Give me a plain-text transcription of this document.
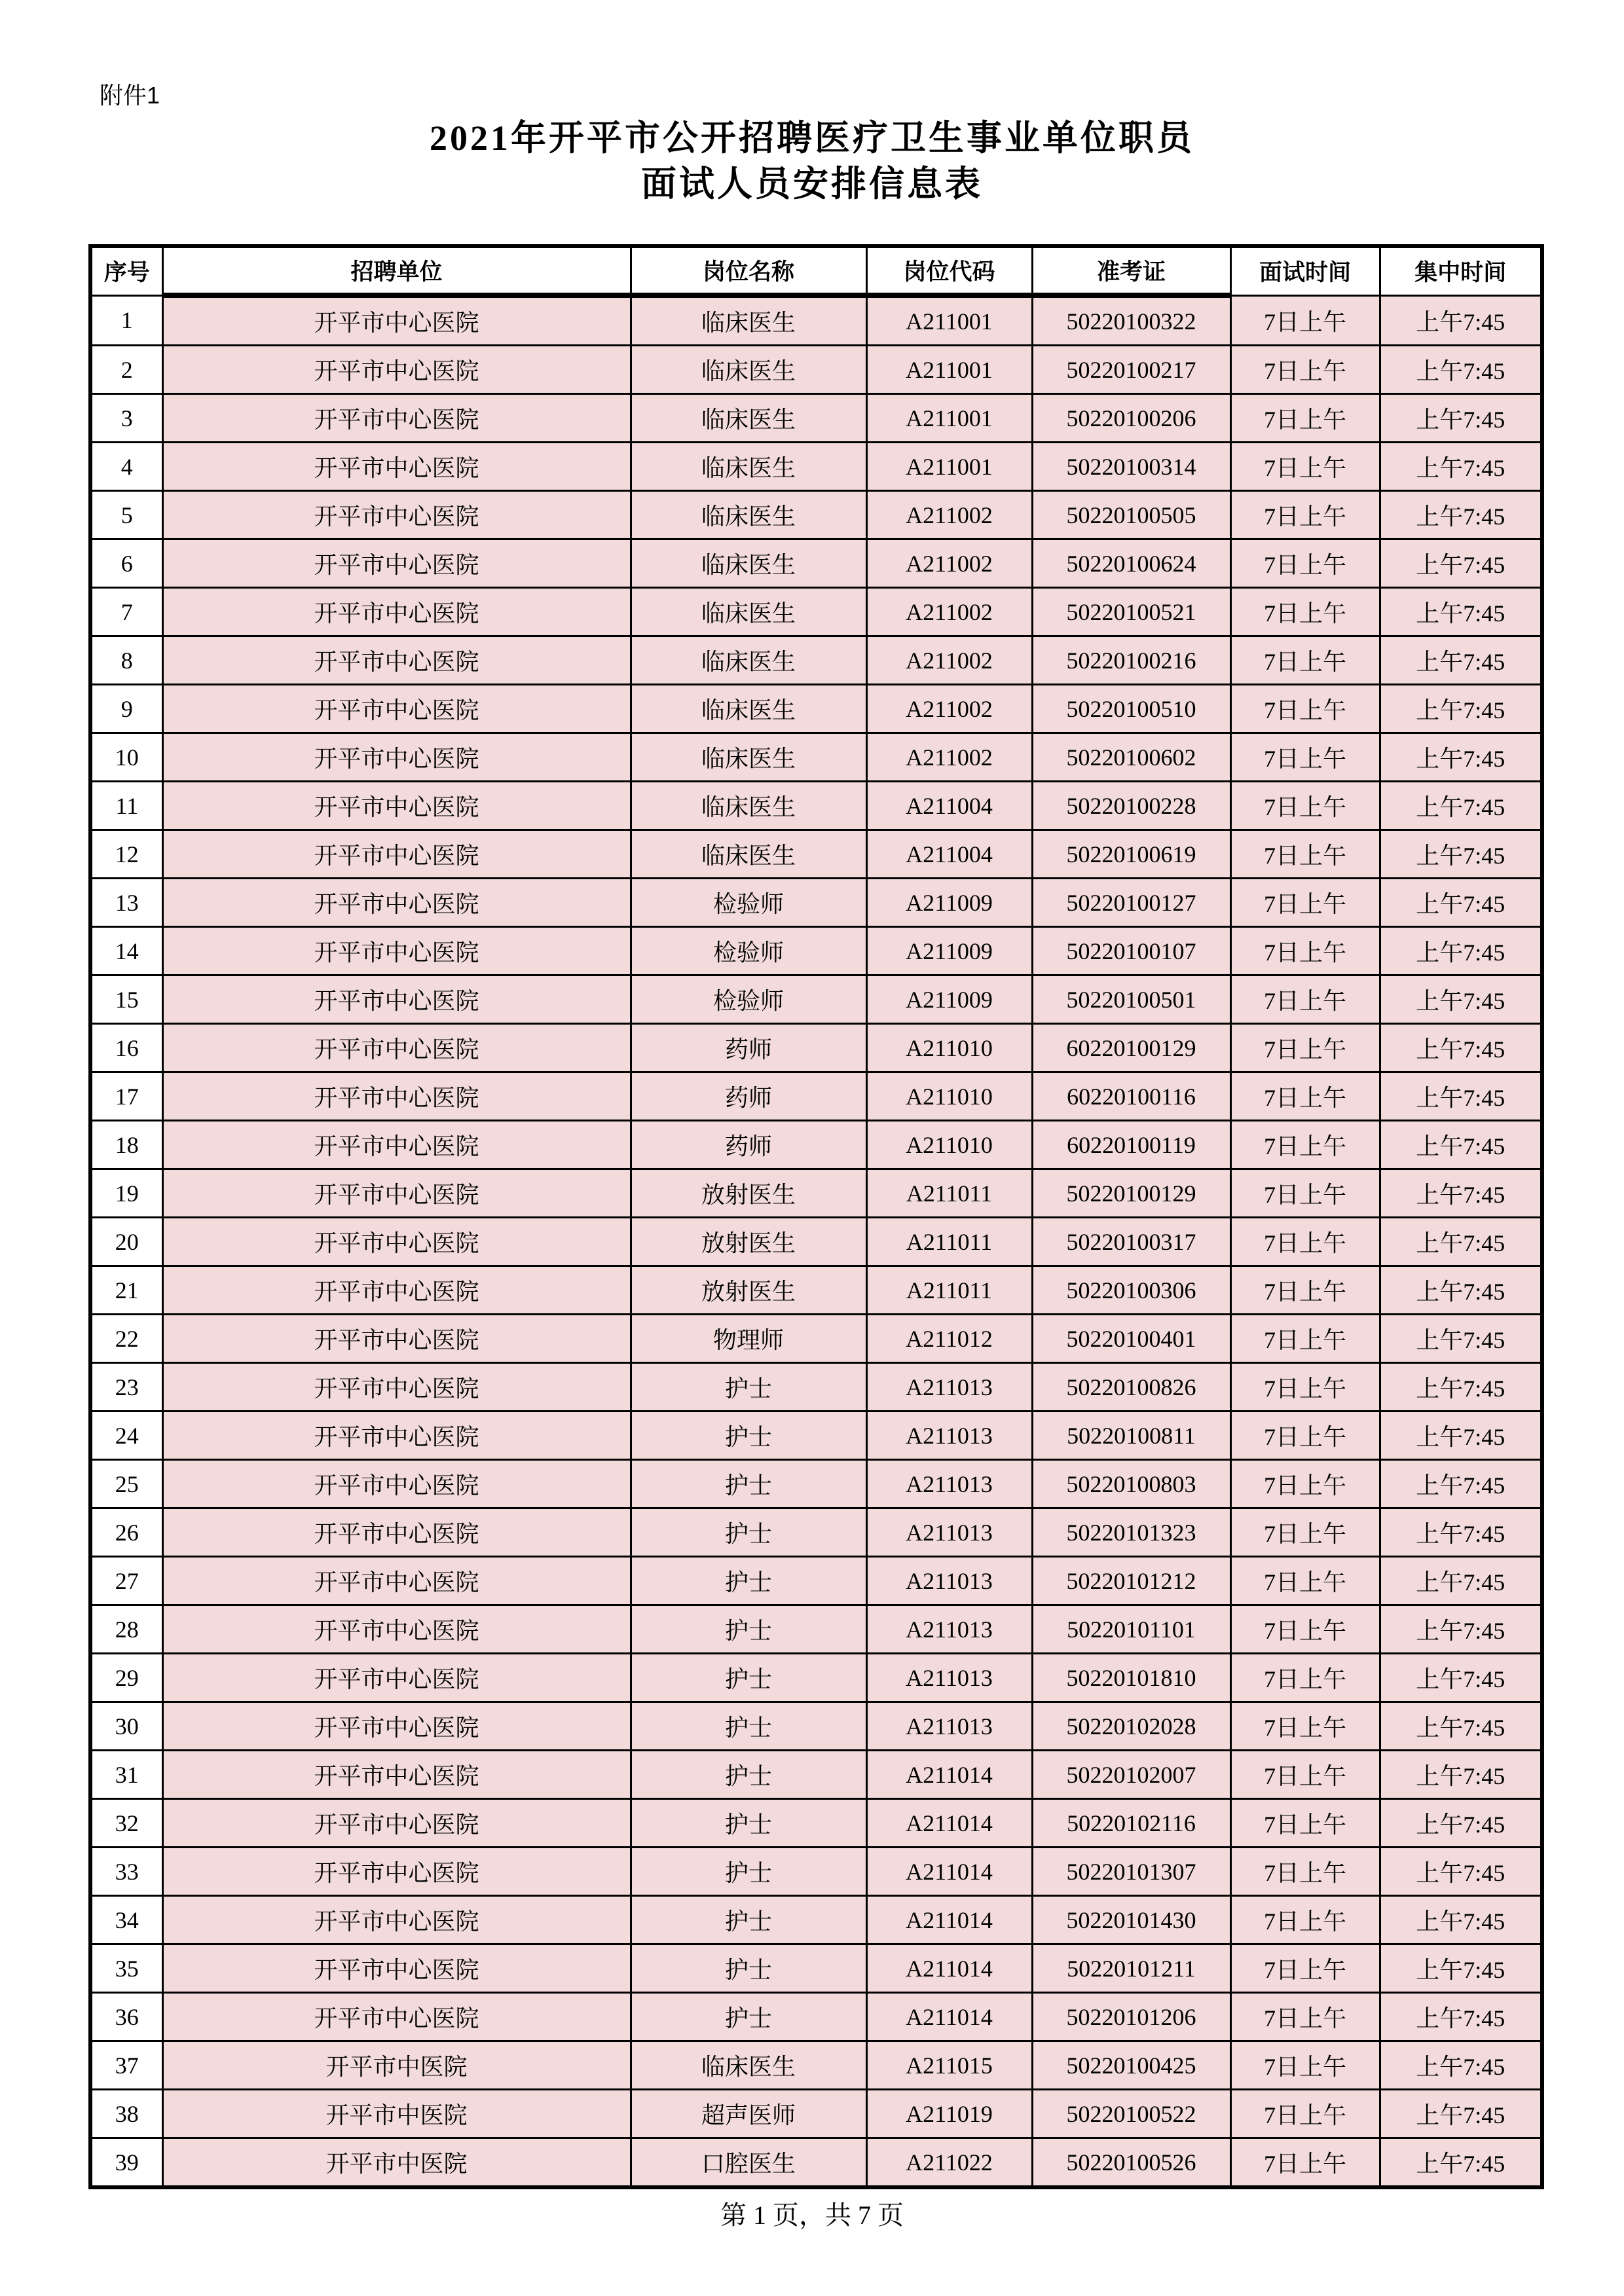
附件1
2021年开平市公开招聘医疗卫生事业单位职员
面试人员安排信息表
序号	招聘单位	岗位名称	岗位代码	准考证	面试时间	集中时间
1	开平市中心医院	临床医生	A211001	50220100322	7日上午	上午7:45
2	开平市中心医院	临床医生	A211001	50220100217	7日上午	上午7:45
3	开平市中心医院	临床医生	A211001	50220100206	7日上午	上午7:45
4	开平市中心医院	临床医生	A211001	50220100314	7日上午	上午7:45
5	开平市中心医院	临床医生	A211002	50220100505	7日上午	上午7:45
6	开平市中心医院	临床医生	A211002	50220100624	7日上午	上午7:45
7	开平市中心医院	临床医生	A211002	50220100521	7日上午	上午7:45
8	开平市中心医院	临床医生	A211002	50220100216	7日上午	上午7:45
9	开平市中心医院	临床医生	A211002	50220100510	7日上午	上午7:45
10	开平市中心医院	临床医生	A211002	50220100602	7日上午	上午7:45
11	开平市中心医院	临床医生	A211004	50220100228	7日上午	上午7:45
12	开平市中心医院	临床医生	A211004	50220100619	7日上午	上午7:45
13	开平市中心医院	检验师	A211009	50220100127	7日上午	上午7:45
14	开平市中心医院	检验师	A211009	50220100107	7日上午	上午7:45
15	开平市中心医院	检验师	A211009	50220100501	7日上午	上午7:45
16	开平市中心医院	药师	A211010	60220100129	7日上午	上午7:45
17	开平市中心医院	药师	A211010	60220100116	7日上午	上午7:45
18	开平市中心医院	药师	A211010	60220100119	7日上午	上午7:45
19	开平市中心医院	放射医生	A211011	50220100129	7日上午	上午7:45
20	开平市中心医院	放射医生	A211011	50220100317	7日上午	上午7:45
21	开平市中心医院	放射医生	A211011	50220100306	7日上午	上午7:45
22	开平市中心医院	物理师	A211012	50220100401	7日上午	上午7:45
23	开平市中心医院	护士	A211013	50220100826	7日上午	上午7:45
24	开平市中心医院	护士	A211013	50220100811	7日上午	上午7:45
25	开平市中心医院	护士	A211013	50220100803	7日上午	上午7:45
26	开平市中心医院	护士	A211013	50220101323	7日上午	上午7:45
27	开平市中心医院	护士	A211013	50220101212	7日上午	上午7:45
28	开平市中心医院	护士	A211013	50220101101	7日上午	上午7:45
29	开平市中心医院	护士	A211013	50220101810	7日上午	上午7:45
30	开平市中心医院	护士	A211013	50220102028	7日上午	上午7:45
31	开平市中心医院	护士	A211014	50220102007	7日上午	上午7:45
32	开平市中心医院	护士	A211014	50220102116	7日上午	上午7:45
33	开平市中心医院	护士	A211014	50220101307	7日上午	上午7:45
34	开平市中心医院	护士	A211014	50220101430	7日上午	上午7:45
35	开平市中心医院	护士	A211014	50220101211	7日上午	上午7:45
36	开平市中心医院	护士	A211014	50220101206	7日上午	上午7:45
37	开平市中医院	临床医生	A211015	50220100425	7日上午	上午7:45
38	开平市中医院	超声医师	A211019	50220100522	7日上午	上午7:45
39	开平市中医院	口腔医生	A211022	50220100526	7日上午	上午7:45
第 1 页，共 7 页
